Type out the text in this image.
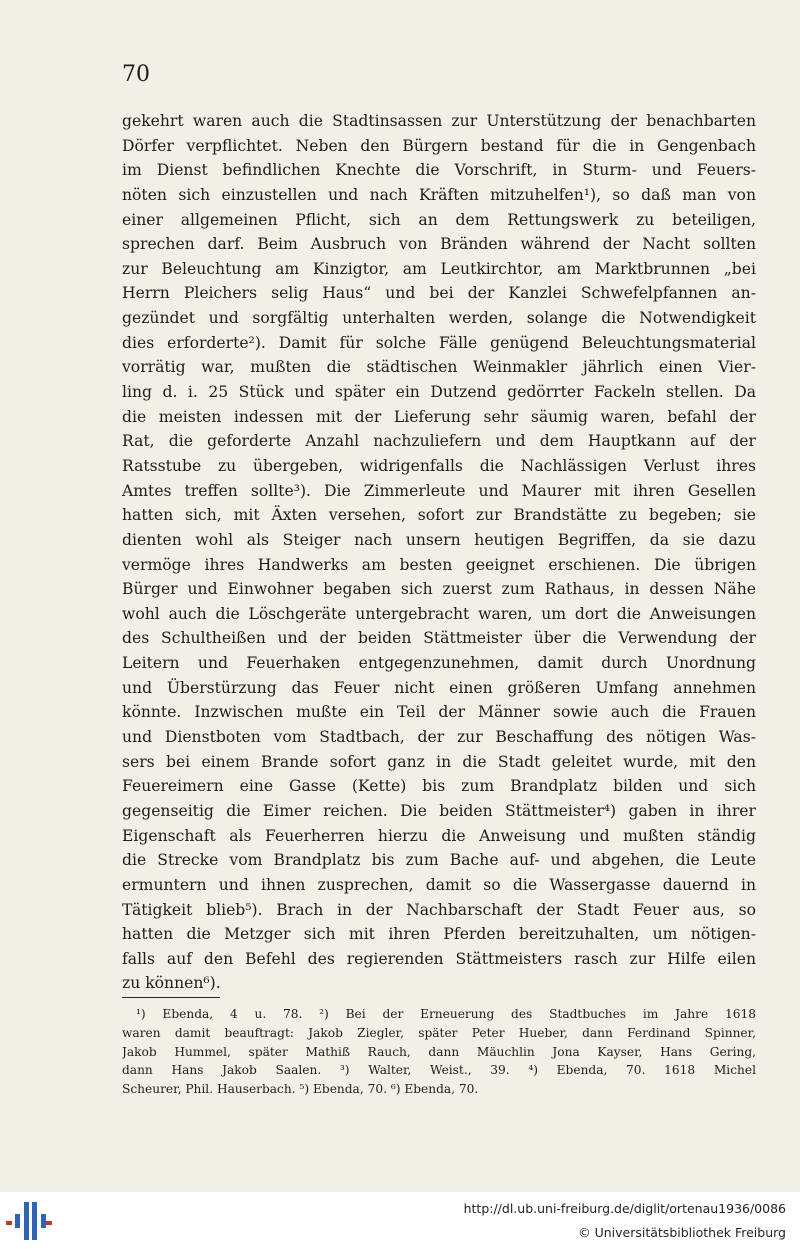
70
gekehrt waren auch die Stadtinsassen zur Unterstützung der benachbarten
Dörfer verpflichtet. Neben den Bürgern bestand für die in Gengenbach
im Dienst befindlichen Knechte die Vorschrift, in Sturm- und Feuers-
nöten sich einzustellen und nach Kräften mitzuhelfen¹), so daß man von
einer allgemeinen Pflicht, sich an dem Rettungswerk zu beteiligen,
sprechen darf. Beim Ausbruch von Bränden während der Nacht sollten
zur Beleuchtung am Kinzigtor, am Leutkirchtor, am Marktbrunnen „bei
Herrn Pleichers selig Haus“ und bei der Kanzlei Schwefelpfannen an-
gezündet und sorgfältig unterhalten werden, solange die Notwendigkeit
dies erforderte²). Damit für solche Fälle genügend Beleuchtungsmaterial
vorrätig war, mußten die städtischen Weinmakler jährlich einen Vier-
ling d. i. 25 Stück und später ein Dutzend gedörrter Fackeln stellen. Da
die meisten indessen mit der Lieferung sehr säumig waren, befahl der
Rat, die geforderte Anzahl nachzuliefern und dem Hauptkann auf der
Ratsstube zu übergeben, widrigenfalls die Nachlässigen Verlust ihres
Amtes treffen sollte³). Die Zimmerleute und Maurer mit ihren Gesellen
hatten sich, mit Äxten versehen, sofort zur Brandstätte zu begeben; sie
dienten wohl als Steiger nach unsern heutigen Begriffen, da sie dazu
vermöge ihres Handwerks am besten geeignet erschienen. Die übrigen
Bürger und Einwohner begaben sich zuerst zum Rathaus, in dessen Nähe
wohl auch die Löschgeräte untergebracht waren, um dort die Anweisungen
des Schultheißen und der beiden Stättmeister über die Verwendung der
Leitern und Feuerhaken entgegenzunehmen, damit durch Unordnung
und Überstürzung das Feuer nicht einen größeren Umfang annehmen
könnte. Inzwischen mußte ein Teil der Männer sowie auch die Frauen
und Dienstboten vom Stadtbach, der zur Beschaffung des nötigen Was-
sers bei einem Brande sofort ganz in die Stadt geleitet wurde, mit den
Feuereimern eine Gasse (Kette) bis zum Brandplatz bilden und sich
gegenseitig die Eimer reichen. Die beiden Stättmeister⁴) gaben in ihrer
Eigenschaft als Feuerherren hierzu die Anweisung und mußten ständig
die Strecke vom Brandplatz bis zum Bache auf- und abgehen, die Leute
ermuntern und ihnen zusprechen, damit so die Wassergasse dauernd in
Tätigkeit blieb⁵). Brach in der Nachbarschaft der Stadt Feuer aus, so
hatten die Metzger sich mit ihren Pferden bereitzuhalten, um nötigen-
falls auf den Befehl des regierenden Stättmeisters rasch zur Hilfe eilen
zu können⁶).
¹) Ebenda, 4 u. 78. ²) Bei der Erneuerung des Stadtbuches im Jahre 1618
waren damit beauftragt: Jakob Ziegler, später Peter Hueber, dann Ferdinand Spinner,
Jakob Hummel, später Mathiß Rauch, dann Mäuchlin Jona Kayser, Hans Gering,
dann Hans Jakob Saalen. ³) Walter, Weist., 39. ⁴) Ebenda, 70. 1618 Michel
Scheurer, Phil. Hauserbach. ⁵) Ebenda, 70. ⁶) Ebenda, 70.
http://dl.ub.uni-freiburg.de/diglit/ortenau1936/0086
© Universitätsbibliothek Freiburg
